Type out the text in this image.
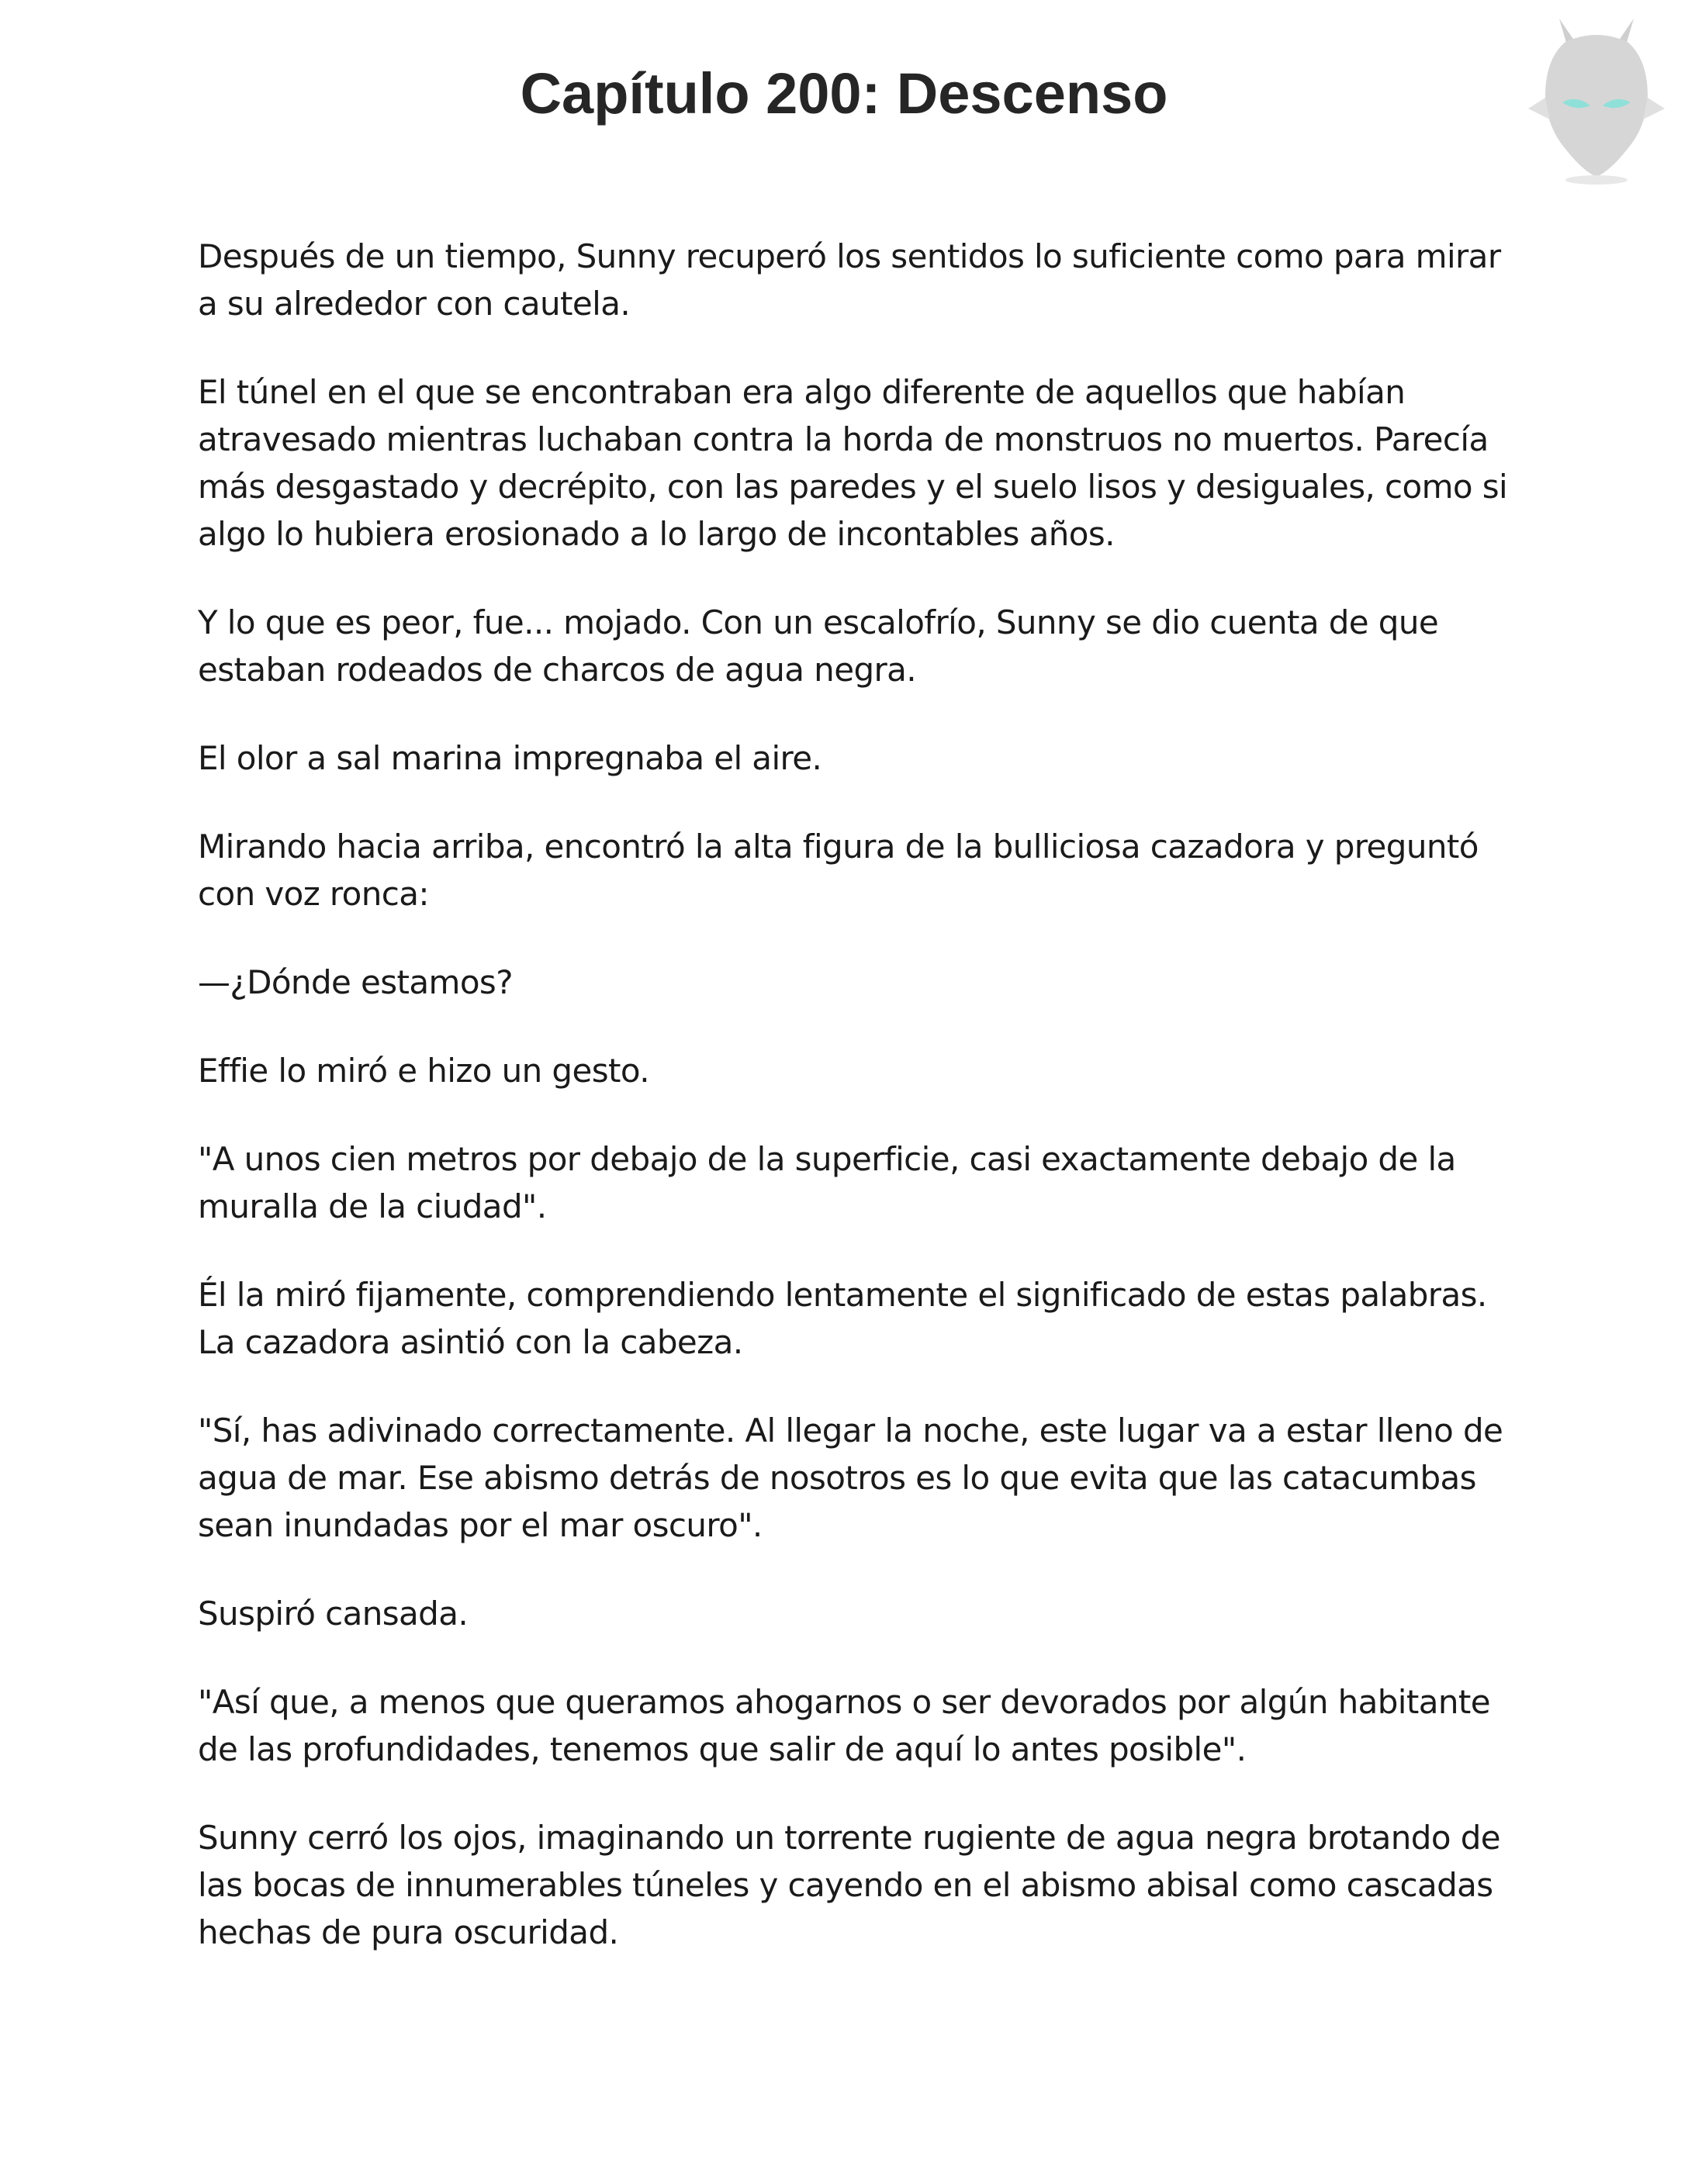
Capítulo 200: Descenso

Después de un tiempo, Sunny recuperó los sentidos lo suficiente como para mirar a su alrededor con cautela.

El túnel en el que se encontraban era algo diferente de aquellos que habían atravesado mientras luchaban contra la horda de monstruos no muertos. Parecía más desgastado y decrépito, con las paredes y el suelo lisos y desiguales, como si algo lo hubiera erosionado a lo largo de incontables años.

Y lo que es peor, fue... mojado. Con un escalofrío, Sunny se dio cuenta de que estaban rodeados de charcos de agua negra.

El olor a sal marina impregnaba el aire.

Mirando hacia arriba, encontró la alta figura de la bulliciosa cazadora y preguntó con voz ronca:

—¿Dónde estamos?

Effie lo miró e hizo un gesto.

"A unos cien metros por debajo de la superficie, casi exactamente debajo de la muralla de la ciudad".

Él la miró fijamente, comprendiendo lentamente el significado de estas palabras. La cazadora asintió con la cabeza.

"Sí, has adivinado correctamente. Al llegar la noche, este lugar va a estar lleno de agua de mar. Ese abismo detrás de nosotros es lo que evita que las catacumbas sean inundadas por el mar oscuro".

Suspiró cansada.

"Así que, a menos que queramos ahogarnos o ser devorados por algún habitante de las profundidades, tenemos que salir de aquí lo antes posible".

Sunny cerró los ojos, imaginando un torrente rugiente de agua negra brotando de las bocas de innumerables túneles y cayendo en el abismo abisal como cascadas hechas de pura oscuridad.
